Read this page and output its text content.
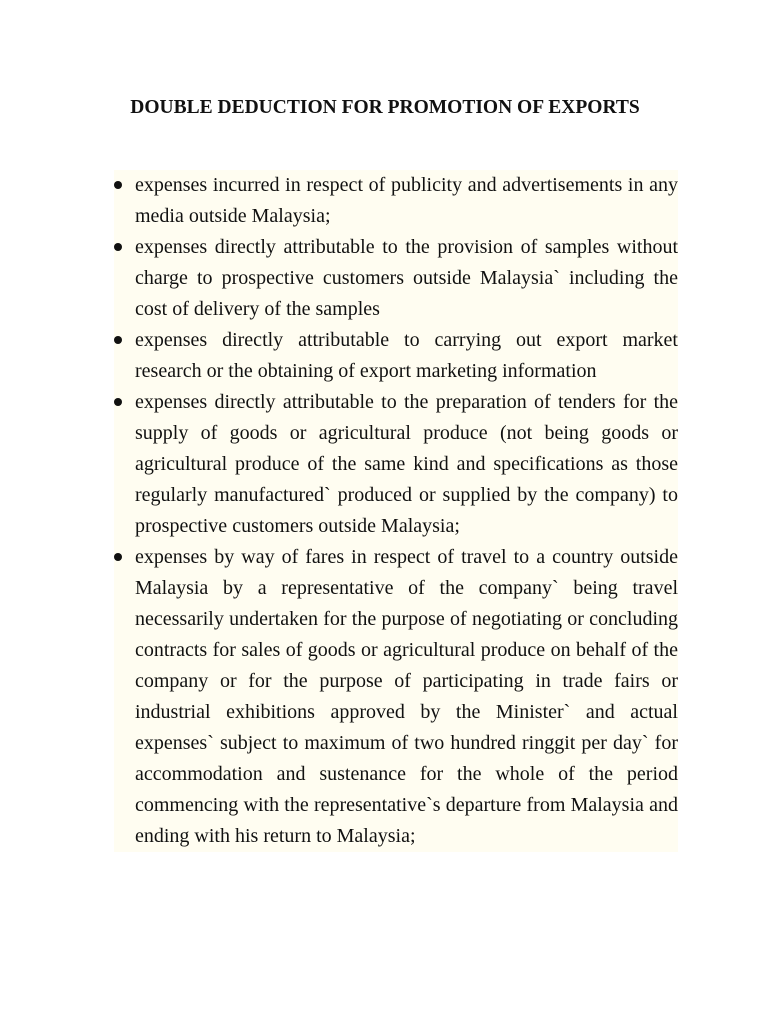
DOUBLE DEDUCTION FOR PROMOTION OF EXPORTS
expenses incurred in respect of publicity and advertisements in any media outside Malaysia;
expenses directly attributable to the provision of samples without charge to prospective customers outside Malaysia` including the cost of delivery of the samples
expenses directly attributable to carrying out export market research or the obtaining of export marketing information
expenses directly attributable to the preparation of tenders for the supply of goods or agricultural produce (not being goods or agricultural produce of the same kind and specifications as those regularly manufactured` produced or supplied by the company) to prospective customers outside Malaysia;
expenses by way of fares in respect of travel to a country outside Malaysia by a representative of the company` being travel necessarily undertaken for the purpose of negotiating or concluding contracts for sales of goods or agricultural produce on behalf of the company or for the purpose of participating in trade fairs or industrial exhibitions approved by the Minister` and actual expenses` subject to maximum of two hundred ringgit per day` for accommodation and sustenance for the whole of the period commencing with the representative`s departure from Malaysia and ending with his return to Malaysia;
